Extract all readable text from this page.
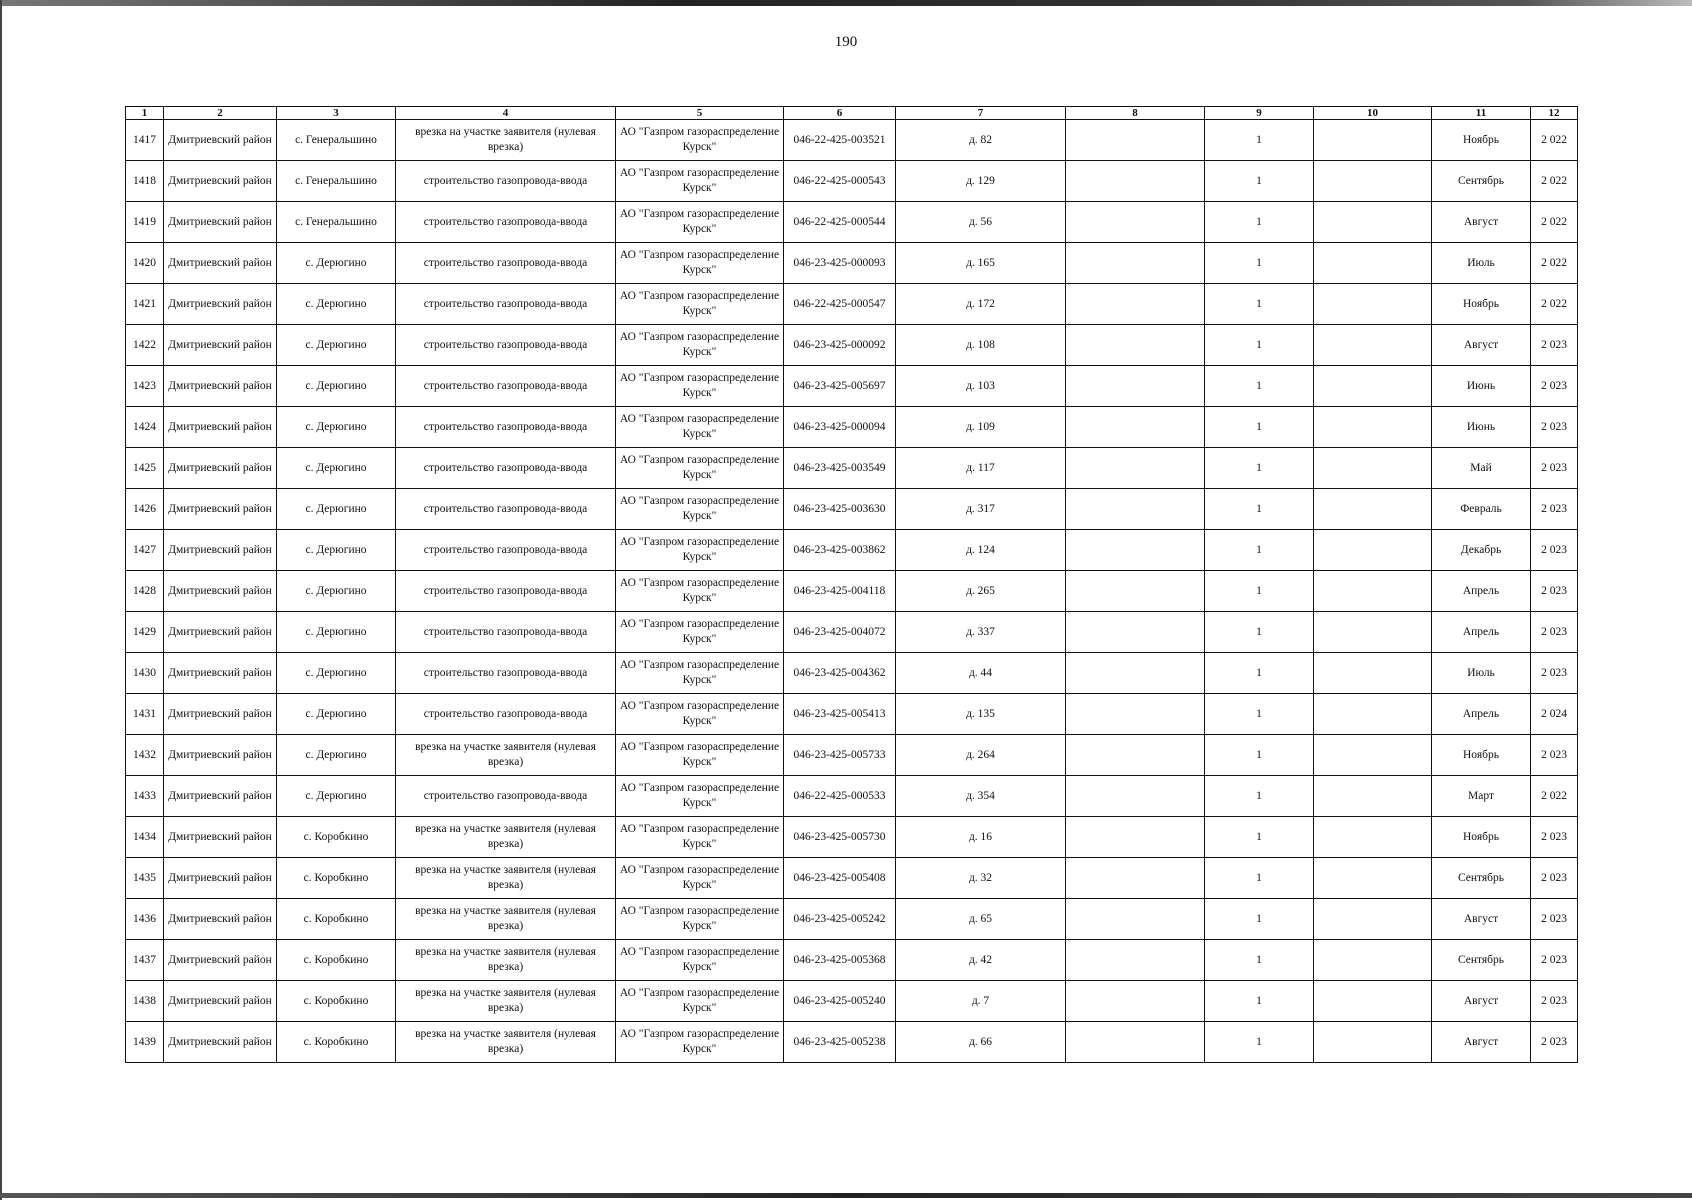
190
1	2	3	4	5	6	7	8	9	10	11	12
1417	Дмитриевский район	с. Генеральшино	врезка на участке заявителя (нулевая врезка)	АО "Газпром газораспределение Курск"	046-22-425-003521	д. 82		1		Ноябрь	2 022
1418	Дмитриевский район	с. Генеральшино	строительство газопровода-ввода	АО "Газпром газораспределение Курск"	046-22-425-000543	д. 129		1		Сентябрь	2 022
1419	Дмитриевский район	с. Генеральшино	строительство газопровода-ввода	АО "Газпром газораспределение Курск"	046-22-425-000544	д. 56		1		Август	2 022
1420	Дмитриевский район	с. Дерюгино	строительство газопровода-ввода	АО "Газпром газораспределение Курск"	046-23-425-000093	д. 165		1		Июль	2 022
1421	Дмитриевский район	с. Дерюгино	строительство газопровода-ввода	АО "Газпром газораспределение Курск"	046-22-425-000547	д. 172		1		Ноябрь	2 022
1422	Дмитриевский район	с. Дерюгино	строительство газопровода-ввода	АО "Газпром газораспределение Курск"	046-23-425-000092	д. 108		1		Август	2 023
1423	Дмитриевский район	с. Дерюгино	строительство газопровода-ввода	АО "Газпром газораспределение Курск"	046-23-425-005697	д. 103		1		Июнь	2 023
1424	Дмитриевский район	с. Дерюгино	строительство газопровода-ввода	АО "Газпром газораспределение Курск"	046-23-425-000094	д. 109		1		Июнь	2 023
1425	Дмитриевский район	с. Дерюгино	строительство газопровода-ввода	АО "Газпром газораспределение Курск"	046-23-425-003549	д. 117		1		Май	2 023
1426	Дмитриевский район	с. Дерюгино	строительство газопровода-ввода	АО "Газпром газораспределение Курск"	046-23-425-003630	д. 317		1		Февраль	2 023
1427	Дмитриевский район	с. Дерюгино	строительство газопровода-ввода	АО "Газпром газораспределение Курск"	046-23-425-003862	д. 124		1		Декабрь	2 023
1428	Дмитриевский район	с. Дерюгино	строительство газопровода-ввода	АО "Газпром газораспределение Курск"	046-23-425-004118	д. 265		1		Апрель	2 023
1429	Дмитриевский район	с. Дерюгино	строительство газопровода-ввода	АО "Газпром газораспределение Курск"	046-23-425-004072	д. 337		1		Апрель	2 023
1430	Дмитриевский район	с. Дерюгино	строительство газопровода-ввода	АО "Газпром газораспределение Курск"	046-23-425-004362	д. 44		1		Июль	2 023
1431	Дмитриевский район	с. Дерюгино	строительство газопровода-ввода	АО "Газпром газораспределение Курск"	046-23-425-005413	д. 135		1		Апрель	2 024
1432	Дмитриевский район	с. Дерюгино	врезка на участке заявителя (нулевая врезка)	АО "Газпром газораспределение Курск"	046-23-425-005733	д. 264		1		Ноябрь	2 023
1433	Дмитриевский район	с. Дерюгино	строительство газопровода-ввода	АО "Газпром газораспределение Курск"	046-22-425-000533	д. 354		1		Март	2 022
1434	Дмитриевский район	с. Коробкино	врезка на участке заявителя (нулевая врезка)	АО "Газпром газораспределение Курск"	046-23-425-005730	д. 16		1		Ноябрь	2 023
1435	Дмитриевский район	с. Коробкино	врезка на участке заявителя (нулевая врезка)	АО "Газпром газораспределение Курск"	046-23-425-005408	д. 32		1		Сентябрь	2 023
1436	Дмитриевский район	с. Коробкино	врезка на участке заявителя (нулевая врезка)	АО "Газпром газораспределение Курск"	046-23-425-005242	д. 65		1		Август	2 023
1437	Дмитриевский район	с. Коробкино	врезка на участке заявителя (нулевая врезка)	АО "Газпром газораспределение Курск"	046-23-425-005368	д. 42		1		Сентябрь	2 023
1438	Дмитриевский район	с. Коробкино	врезка на участке заявителя (нулевая врезка)	АО "Газпром газораспределение Курск"	046-23-425-005240	д. 7		1		Август	2 023
1439	Дмитриевский район	с. Коробкино	врезка на участке заявителя (нулевая врезка)	АО "Газпром газораспределение Курск"	046-23-425-005238	д. 66		1		Август	2 023
